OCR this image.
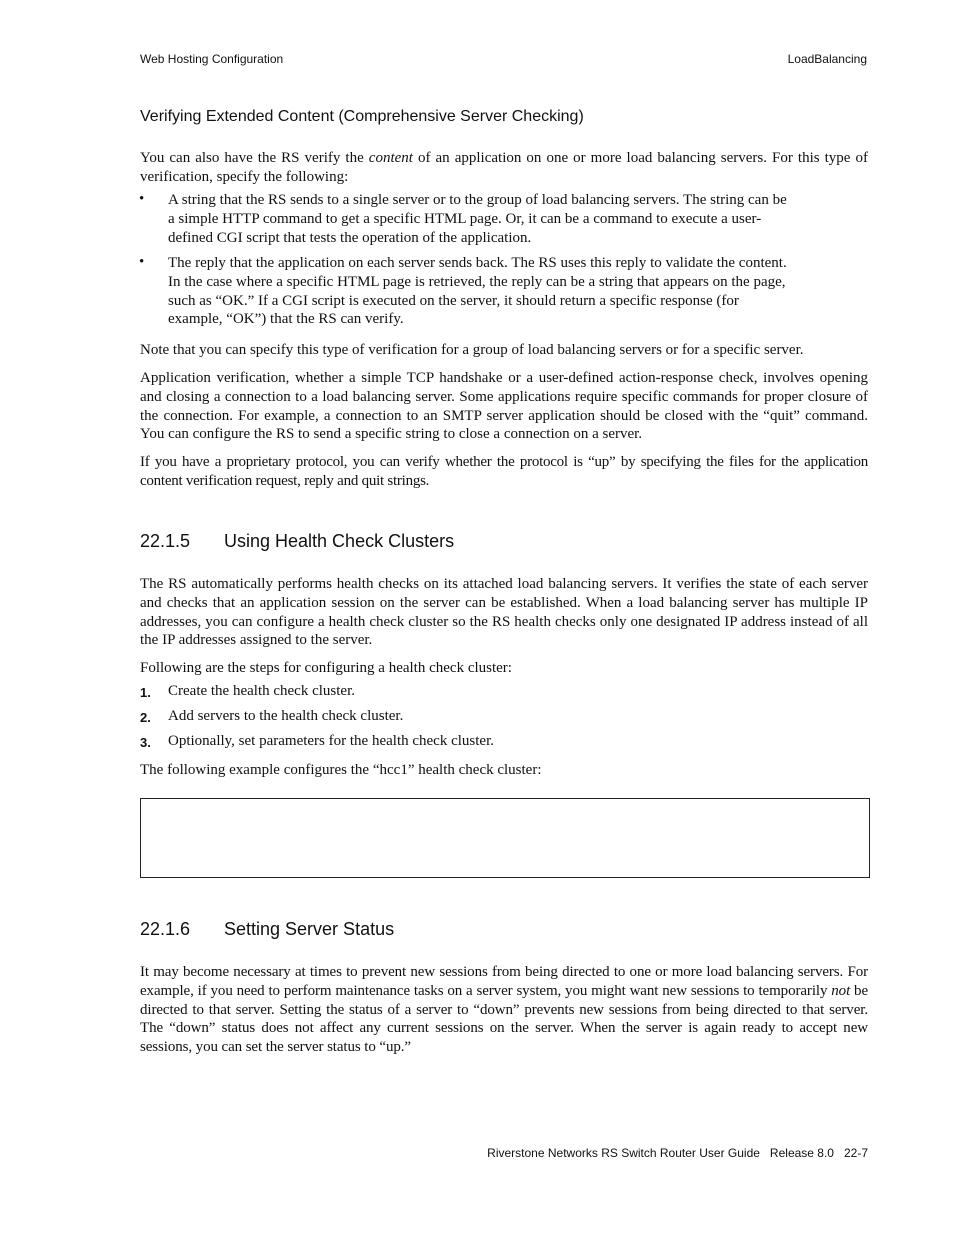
Web Hosting Configuration	LoadBalancing
Verifying Extended Content (Comprehensive Server Checking)
You can also have the RS verify the content of an application on one or more load balancing servers. For this type of verification, specify the following:
• A string that the RS sends to a single server or to the group of load balancing servers. The string can be a simple HTTP command to get a specific HTML page. Or, it can be a command to execute a user-defined CGI script that tests the operation of the application.
• The reply that the application on each server sends back. The RS uses this reply to validate the content. In the case where a specific HTML page is retrieved, the reply can be a string that appears on the page, such as “OK.” If a CGI script is executed on the server, it should return a specific response (for example, “OK”) that the RS can verify.
Note that you can specify this type of verification for a group of load balancing servers or for a specific server.
Application verification, whether a simple TCP handshake or a user-defined action-response check, involves opening and closing a connection to a load balancing server. Some applications require specific commands for proper closure of the connection. For example, a connection to an SMTP server application should be closed with the “quit” command. You can configure the RS to send a specific string to close a connection on a server.
If you have a proprietary protocol, you can verify whether the protocol is “up” by specifying the files for the application content verification request, reply and quit strings.
22.1.5 Using Health Check Clusters
The RS automatically performs health checks on its attached load balancing servers. It verifies the state of each server and checks that an application session on the server can be established. When a load balancing server has multiple IP addresses, you can configure a health check cluster so the RS health checks only one designated IP address instead of all the IP addresses assigned to the server.
Following are the steps for configuring a health check cluster:
1. Create the health check cluster.
2. Add servers to the health check cluster.
3. Optionally, set parameters for the health check cluster.
The following example configures the “hcc1” health check cluster:
22.1.6 Setting Server Status
It may become necessary at times to prevent new sessions from being directed to one or more load balancing servers. For example, if you need to perform maintenance tasks on a server system, you might want new sessions to temporarily not be directed to that server. Setting the status of a server to “down” prevents new sessions from being directed to that server. The “down” status does not affect any current sessions on the server. When the server is again ready to accept new sessions, you can set the server status to “up.”
Riverstone Networks RS Switch Router User Guide   Release 8.0   22-7
